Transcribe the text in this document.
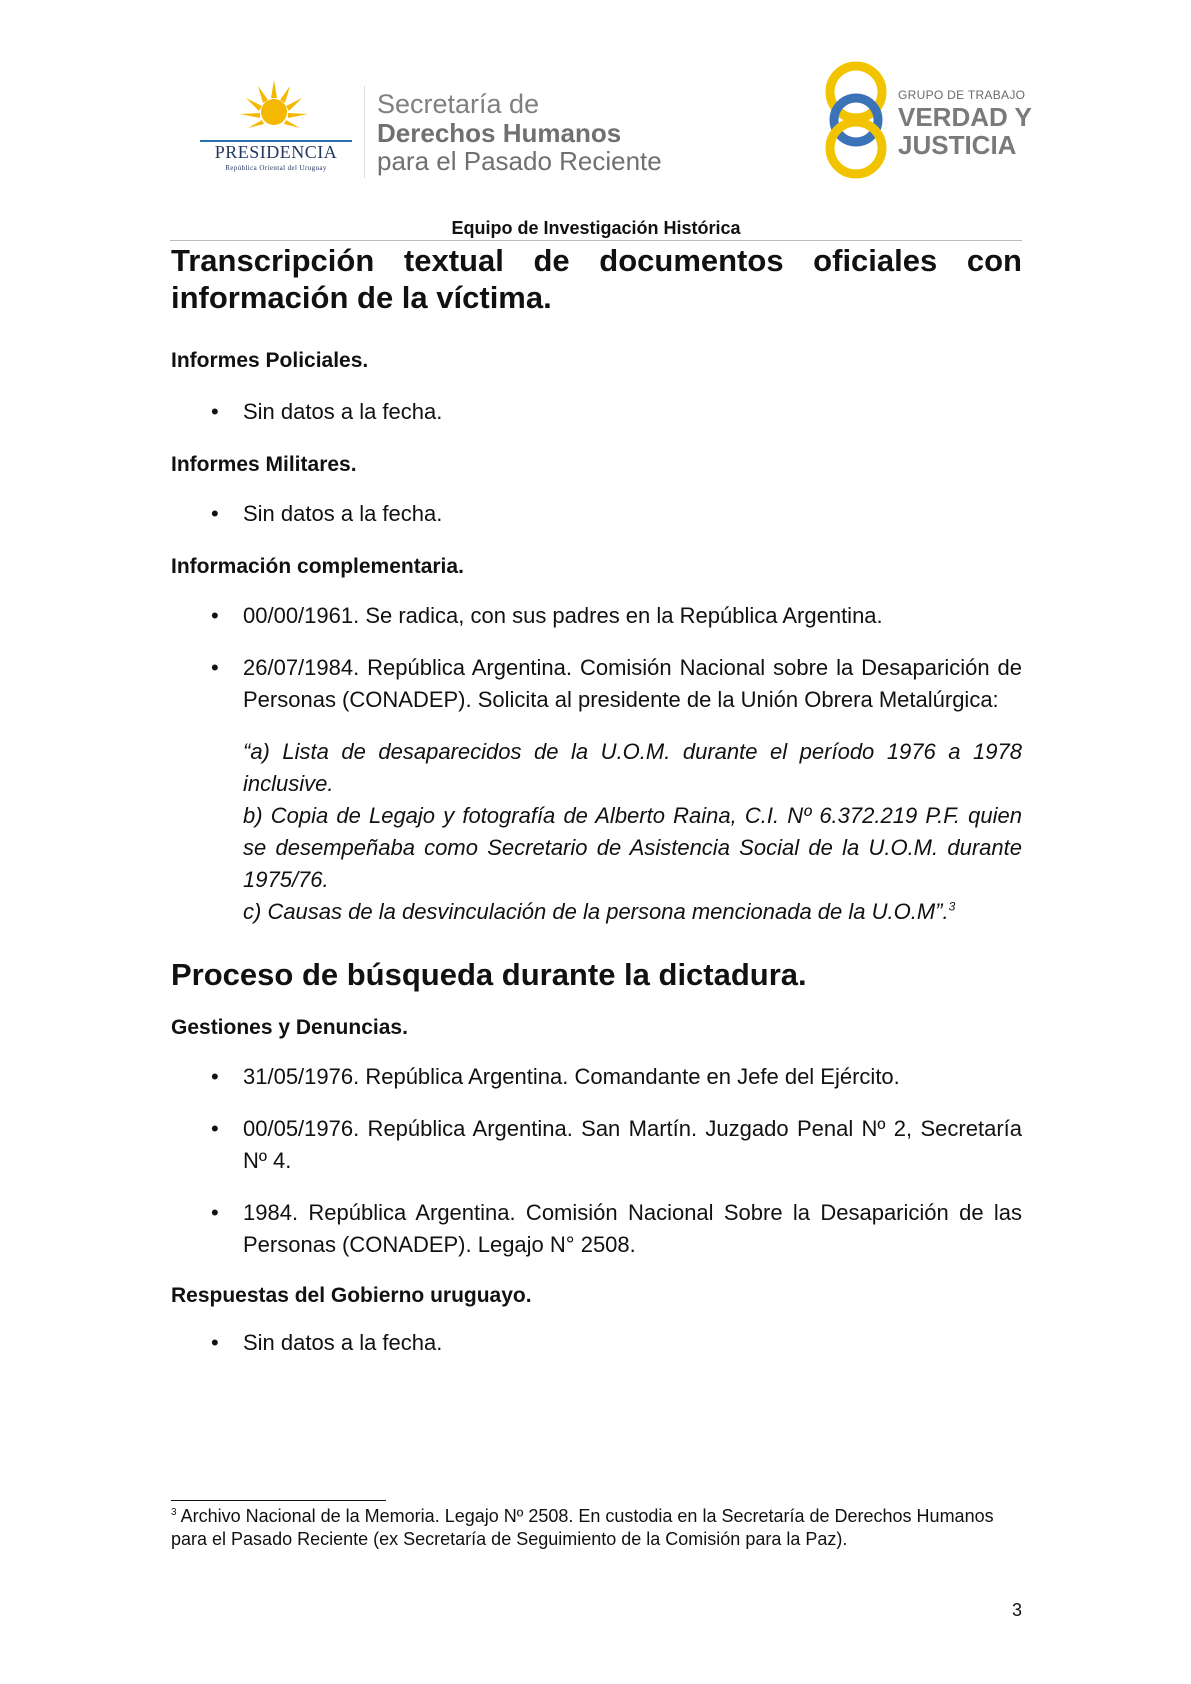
PRESIDENCIA
República Oriental del Uruguay
Secretaría de
Derechos Humanos
para el Pasado Reciente
GRUPO DE TRABAJO
VERDAD Y
JUSTICIA
Equipo de Investigación Histórica
Transcripción textual de documentos oficiales con información de la víctima.
Informes Policiales.
• Sin datos a la fecha.
Informes Militares.
• Sin datos a la fecha.
Información complementaria.
• 00/00/1961. Se radica, con sus padres en la República Argentina.
• 26/07/1984. República Argentina. Comisión Nacional sobre la Desaparición de Personas (CONADEP). Solicita al presidente de la Unión Obrera Metalúrgica:

“a) Lista de desaparecidos de la U.O.M. durante el período 1976 a 1978 inclusive.

b) Copia de Legajo y fotografía de Alberto Raina, C.I. Nº 6.372.219 P.F. quien se desempeñaba como Secretario de Asistencia Social de la U.O.M. durante 1975/76.

c) Causas de la desvinculación de la persona mencionada de la U.O.M”.$^3$

Proceso de búsqueda durante la dictadura.
Gestiones y Denuncias.
• 31/05/1976. República Argentina. Comandante en Jefe del Ejército.
• 00/05/1976. República Argentina. San Martín. Juzgado Penal Nº 2, Secretaría Nº 4.
• 1984. República Argentina. Comisión Nacional Sobre la Desaparición de las Personas (CONADEP). Legajo N° 2508.
Respuestas del Gobierno uruguayo.
• Sin datos a la fecha.
$^3$ Archivo Nacional de la Memoria. Legajo Nº 2508. En custodia en la Secretaría de Derechos Humanos para el Pasado Reciente (ex Secretaría de Seguimiento de la Comisión para la Paz).
3
